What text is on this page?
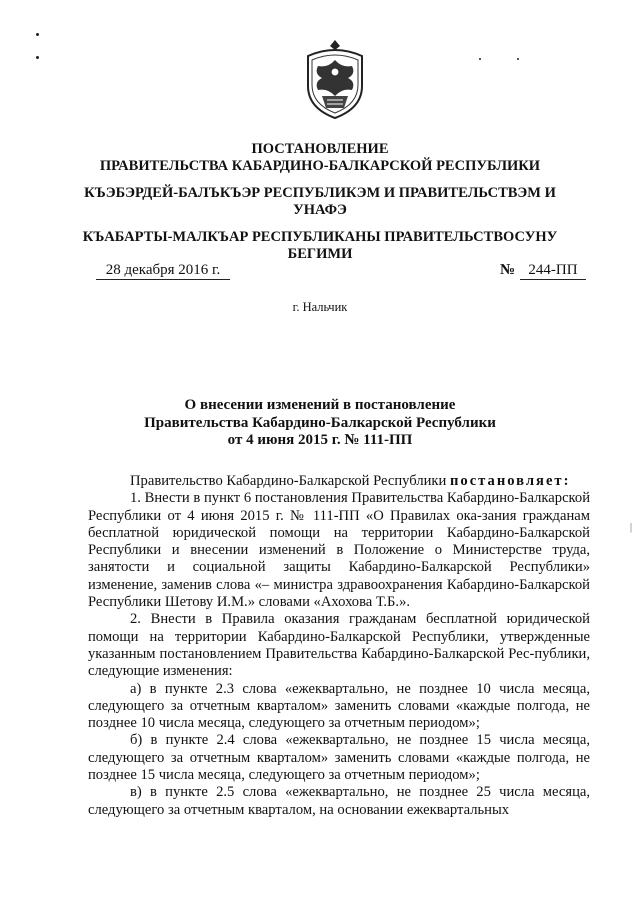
ПОСТАНОВЛЕНИЕ
ПРАВИТЕЛЬСТВА КАБАРДИНО-БАЛКАРСКОЙ РЕСПУБЛИКИ
КЪЭБЭРДЕЙ-БАЛЪКЪЭР РЕСПУБЛИКЭМ И ПРАВИТЕЛЬСТВЭМ И
УНАФЭ
КЪАБАРТЫ-МАЛКЪАР РЕСПУБЛИКАНЫ ПРАВИТЕЛЬСТВОСУНУ
БЕГИМИ
28 декабря 2016 г.	№ 244-ПП
г. Нальчик
О внесении изменений в постановление
Правительства Кабардино-Балкарской Республики
от 4 июня 2015 г. № 111-ПП

Правительство Кабардино-Балкарской Республики постановляет:

1. Внести в пункт 6 постановления Правительства Кабардино-Балкарской Республики от 4 июня 2015 г. № 111-ПП «О Правилах ока-зания гражданам бесплатной юридической помощи на территории Кабардино-Балкарской Республики и внесении изменений в Положение о Министерстве труда, занятости и социальной защиты Кабардино-Балкарской Республики» изменение, заменив слова «– министра здравоохранения Кабардино-Балкарской Республики Шетову И.М.» словами «Ахохова Т.Б.».

2. Внести в Правила оказания гражданам бесплатной юридической помощи на территории Кабардино-Балкарской Республики, утвержденные указанным постановлением Правительства Кабардино-Балкарской Рес-публики, следующие изменения:

а) в пункте 2.3 слова «ежеквартально, не позднее 10 числа месяца, следующего за отчетным кварталом» заменить словами «каждые полгода, не позднее 10 числа месяца, следующего за отчетным периодом»;

б) в пункте 2.4 слова «ежеквартально, не позднее 15 числа месяца, следующего за отчетным кварталом» заменить словами «каждые полгода, не позднее 15 числа месяца, следующего за отчетным периодом»;

в) в пункте 2.5 слова «ежеквартально, не позднее 25 числа месяца, следующего за отчетным кварталом, на основании ежеквартальных

|
